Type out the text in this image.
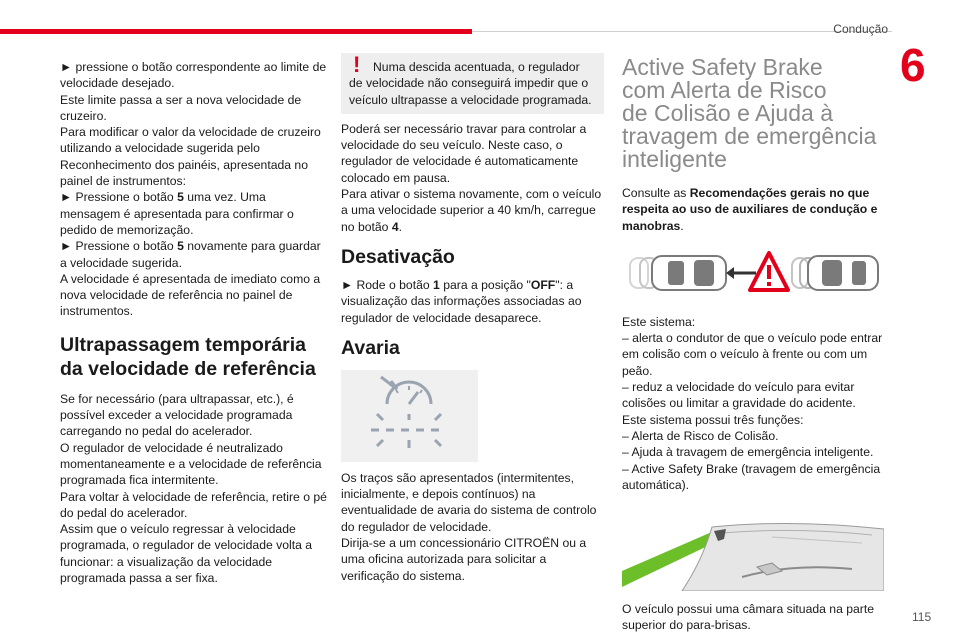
Condução
6
115

► pressione o botão correspondente ao limite de velocidade desejado.

Este limite passa a ser a nova velocidade de cruzeiro.

Para modificar o valor da velocidade de cruzeiro utilizando a velocidade sugerida pelo Reconhecimento dos painéis, apresentada no painel de instrumentos:

► Pressione o botão 5 uma vez. Uma mensagem é apresentada para confirmar o pedido de memorização.

► Pressione o botão 5 novamente para guardar a velocidade sugerida.

A velocidade é apresentada de imediato como a nova velocidade de referência no painel de instrumentos.

Ultrapassagem temporária da velocidade de referência

Se for necessário (para ultrapassar, etc.), é possível exceder a velocidade programada carregando no pedal do acelerador.

O regulador de velocidade é neutralizado momentaneamente e a velocidade de referência programada fica intermitente.

Para voltar à velocidade de referência, retire o pé do pedal do acelerador.

Assim que o veículo regressar à velocidade programada, o regulador de velocidade volta a funcionar: a visualização da velocidade programada passa a ser fixa.

!	Numa descida acentuada, o regulador de velocidade não conseguirá impedir que o veículo ultrapasse a velocidade programada.

Poderá ser necessário travar para controlar a velocidade do seu veículo. Neste caso, o regulador de velocidade é automaticamente colocado em pausa.

Para ativar o sistema novamente, com o veículo a uma velocidade superior a 40 km/h, carregue no botão 4.

Desativação

► Rode o botão 1 para a posição "OFF": a visualização das informações associadas ao regulador de velocidade desaparece.

Avaria

Os traços são apresentados (intermitentes, inicialmente, e depois contínuos) na eventualidade de avaria do sistema de controlo do regulador de velocidade.

Dirija-se a um concessionário CITROËN ou a uma oficina autorizada para solicitar a verificação do sistema.

Active Safety Brake
com Alerta de Risco
de Colisão e Ajuda à
travagem de emergência
inteligente

Consulte as Recomendações gerais no que respeita ao uso de auxiliares de condução e manobras.

Este sistema:

– alerta o condutor de que o veículo pode entrar em colisão com o veículo à frente ou com um peão.

– reduz a velocidade do veículo para evitar colisões ou limitar a gravidade do acidente.

Este sistema possui três funções:

– Alerta de Risco de Colisão.

– Ajuda à travagem de emergência inteligente.

– Active Safety Brake (travagem de emergência automática).

O veículo possui uma câmara situada na parte superior do para-brisas.
